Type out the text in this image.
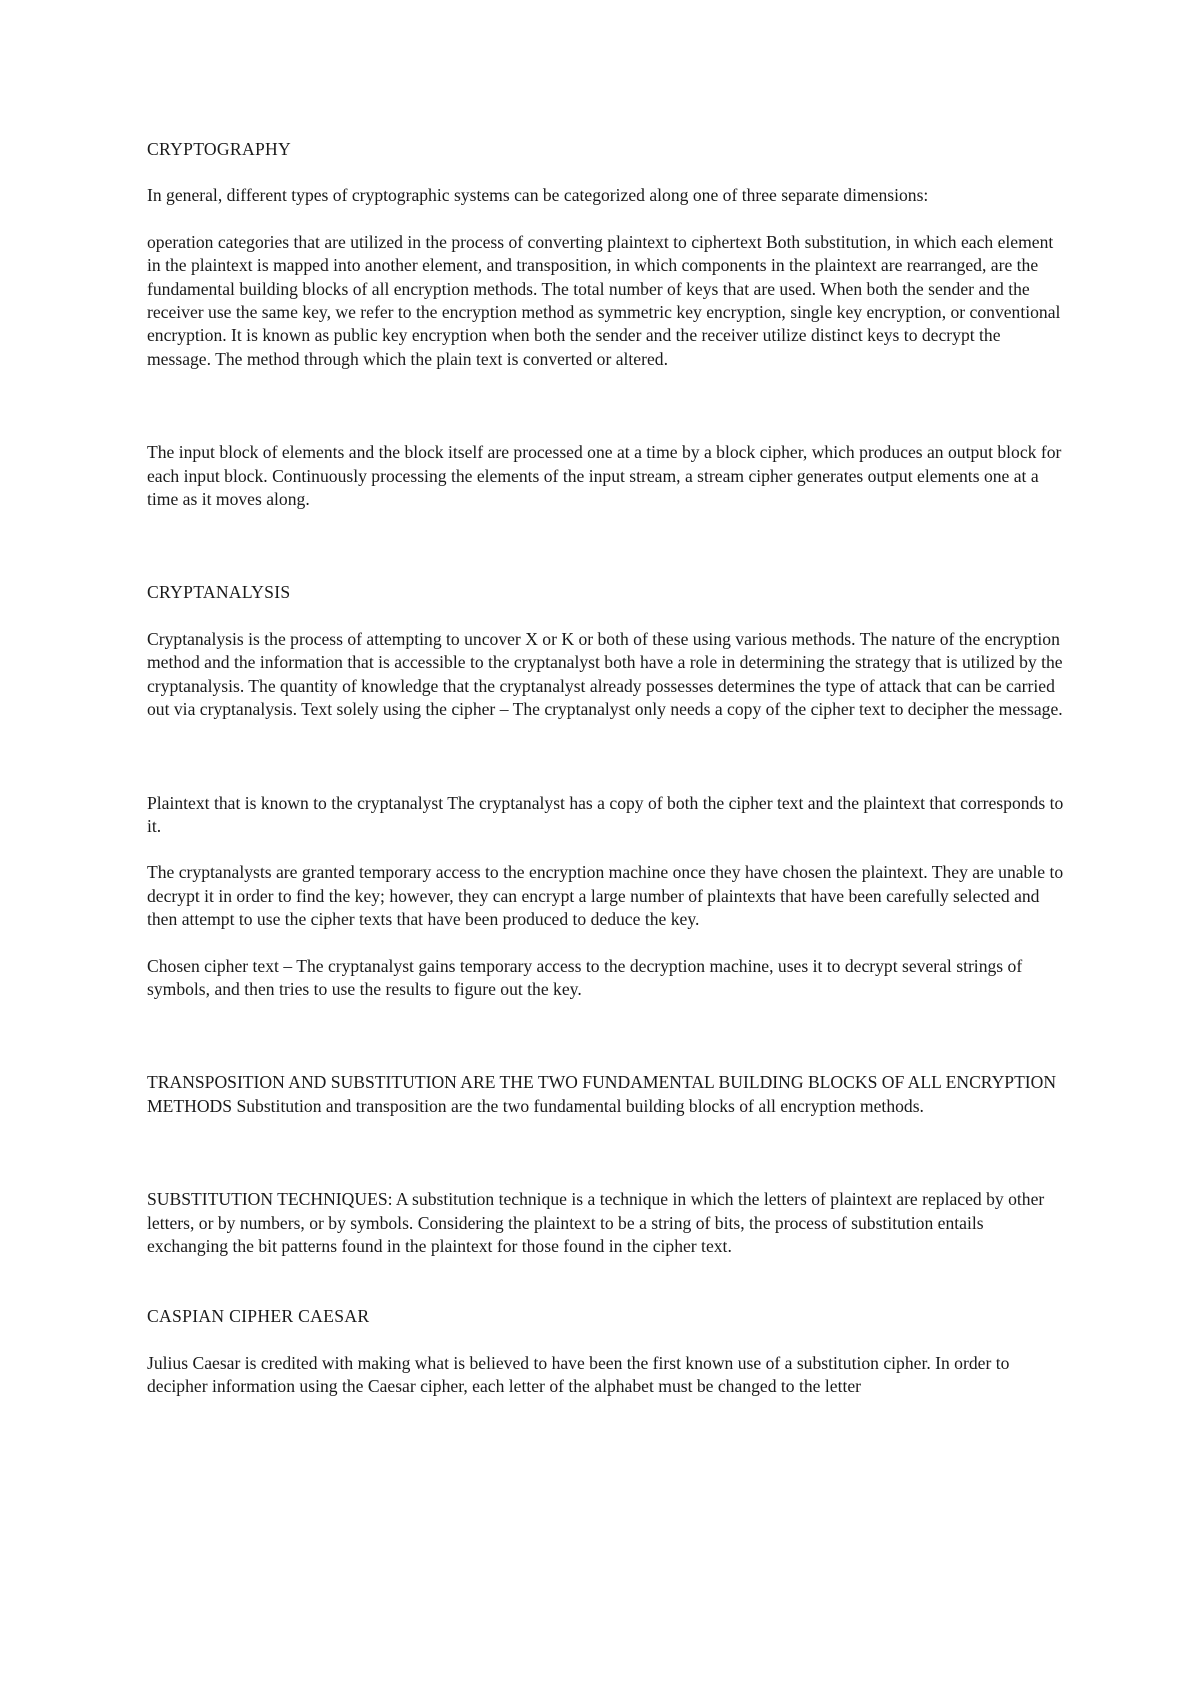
CRYPTOGRAPHY

In general, different types of cryptographic systems can be categorized along one of three separate dimensions:

operation categories that are utilized in the process of converting plaintext to ciphertext Both substitution, in which each element in the plaintext is mapped into another element, and transposition, in which components in the plaintext are rearranged, are the fundamental building blocks of all encryption methods. The total number of keys that are used. When both the sender and the receiver use the same key, we refer to the encryption method as symmetric key encryption, single key encryption, or conventional encryption. It is known as public key encryption when both the sender and the receiver utilize distinct keys to decrypt the message. The method through which the plain text is converted or altered.

The input block of elements and the block itself are processed one at a time by a block cipher, which produces an output block for each input block. Continuously processing the elements of the input stream, a stream cipher generates output elements one at a time as it moves along.

CRYPTANALYSIS

Cryptanalysis is the process of attempting to uncover X or K or both of these using various methods. The nature of the encryption method and the information that is accessible to the cryptanalyst both have a role in determining the strategy that is utilized by the cryptanalysis. The quantity of knowledge that the cryptanalyst already possesses determines the type of attack that can be carried out via cryptanalysis. Text solely using the cipher – The cryptanalyst only needs a copy of the cipher text to decipher the message.

Plaintext that is known to the cryptanalyst The cryptanalyst has a copy of both the cipher text and the plaintext that corresponds to it.

The cryptanalysts are granted temporary access to the encryption machine once they have chosen the plaintext. They are unable to decrypt it in order to find the key; however, they can encrypt a large number of plaintexts that have been carefully selected and then attempt to use the cipher texts that have been produced to deduce the key.

Chosen cipher text – The cryptanalyst gains temporary access to the decryption machine, uses it to decrypt several strings of symbols, and then tries to use the results to figure out the key.

TRANSPOSITION AND SUBSTITUTION ARE THE TWO FUNDAMENTAL BUILDING BLOCKS OF ALL ENCRYPTION METHODS Substitution and transposition are the two fundamental building blocks of all encryption methods.

SUBSTITUTION TECHNIQUES: A substitution technique is a technique in which the letters of plaintext are replaced by other letters, or by numbers, or by symbols. Considering the plaintext to be a string of bits, the process of substitution entails exchanging the bit patterns found in the plaintext for those found in the cipher text.

CASPIAN CIPHER CAESAR

Julius Caesar is credited with making what is believed to have been the first known use of a substitution cipher. In order to decipher information using the Caesar cipher, each letter of the alphabet must be changed to the letter
